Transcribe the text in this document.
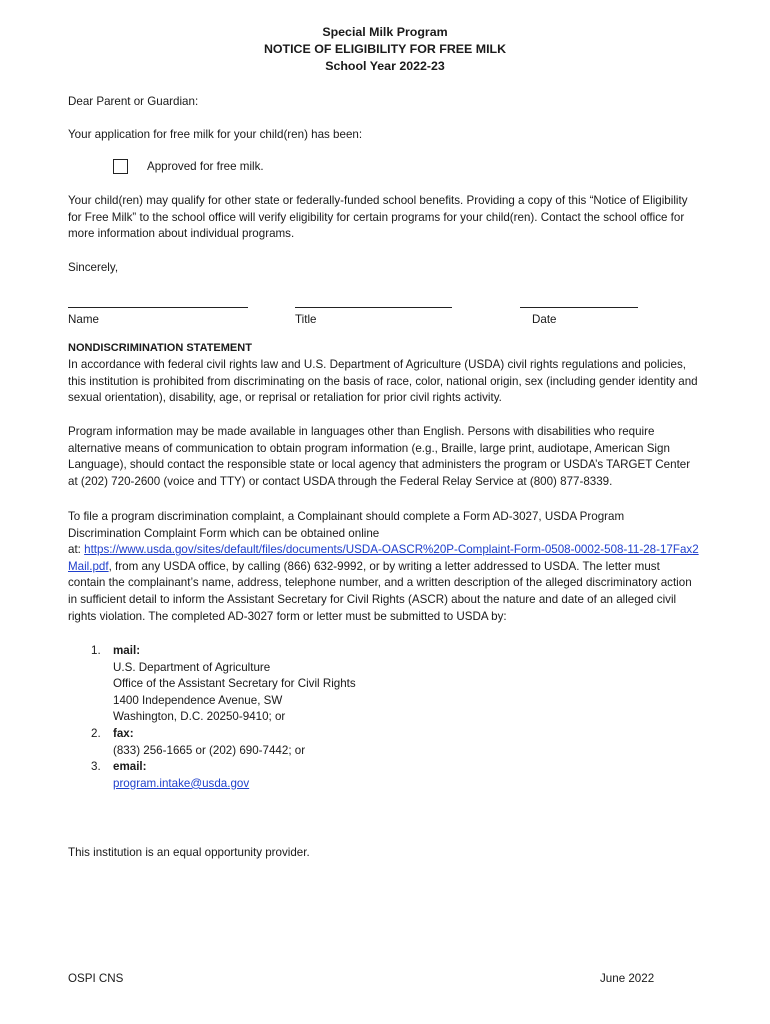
Special Milk Program
NOTICE OF ELIGIBILITY FOR FREE MILK
School Year 2022-23
Dear Parent or Guardian:
Your application for free milk for your child(ren) has been:
Approved for free milk.
Your child(ren) may qualify for other state or federally-funded school benefits. Providing a copy of this “Notice of Eligibility for Free Milk” to the school office will verify eligibility for certain programs for your child(ren). Contact the school office for more information about individual programs.
Sincerely,
Name	Title	Date
NONDISCRIMINATION STATEMENT
In accordance with federal civil rights law and U.S. Department of Agriculture (USDA) civil rights regulations and policies, this institution is prohibited from discriminating on the basis of race, color, national origin, sex (including gender identity and sexual orientation), disability, age, or reprisal or retaliation for prior civil rights activity.
Program information may be made available in languages other than English. Persons with disabilities who require alternative means of communication to obtain program information (e.g., Braille, large print, audiotape, American Sign Language), should contact the responsible state or local agency that administers the program or USDA’s TARGET Center at (202) 720-2600 (voice and TTY) or contact USDA through the Federal Relay Service at (800) 877-8339.
To file a program discrimination complaint, a Complainant should complete a Form AD-3027, USDA Program Discrimination Complaint Form which can be obtained online
at: https://www.usda.gov/sites/default/files/documents/USDA-OASCR%20P-Complaint-Form-0508-0002-508-11-28-17Fax2Mail.pdf, from any USDA office, by calling (866) 632-9992, or by writing a letter addressed to USDA. The letter must contain the complainant’s name, address, telephone number, and a written description of the alleged discriminatory action in sufficient detail to inform the Assistant Secretary for Civil Rights (ASCR) about the nature and date of an alleged civil rights violation. The completed AD-3027 form or letter must be submitted to USDA by:
1.	mail:
U.S. Department of Agriculture
Office of the Assistant Secretary for Civil Rights
1400 Independence Avenue, SW
Washington, D.C. 20250-9410; or
2.	fax:
(833) 256-1665 or (202) 690-7442; or
3.	email:
program.intake@usda.gov
This institution is an equal opportunity provider.
OSPI CNS	June 2022
